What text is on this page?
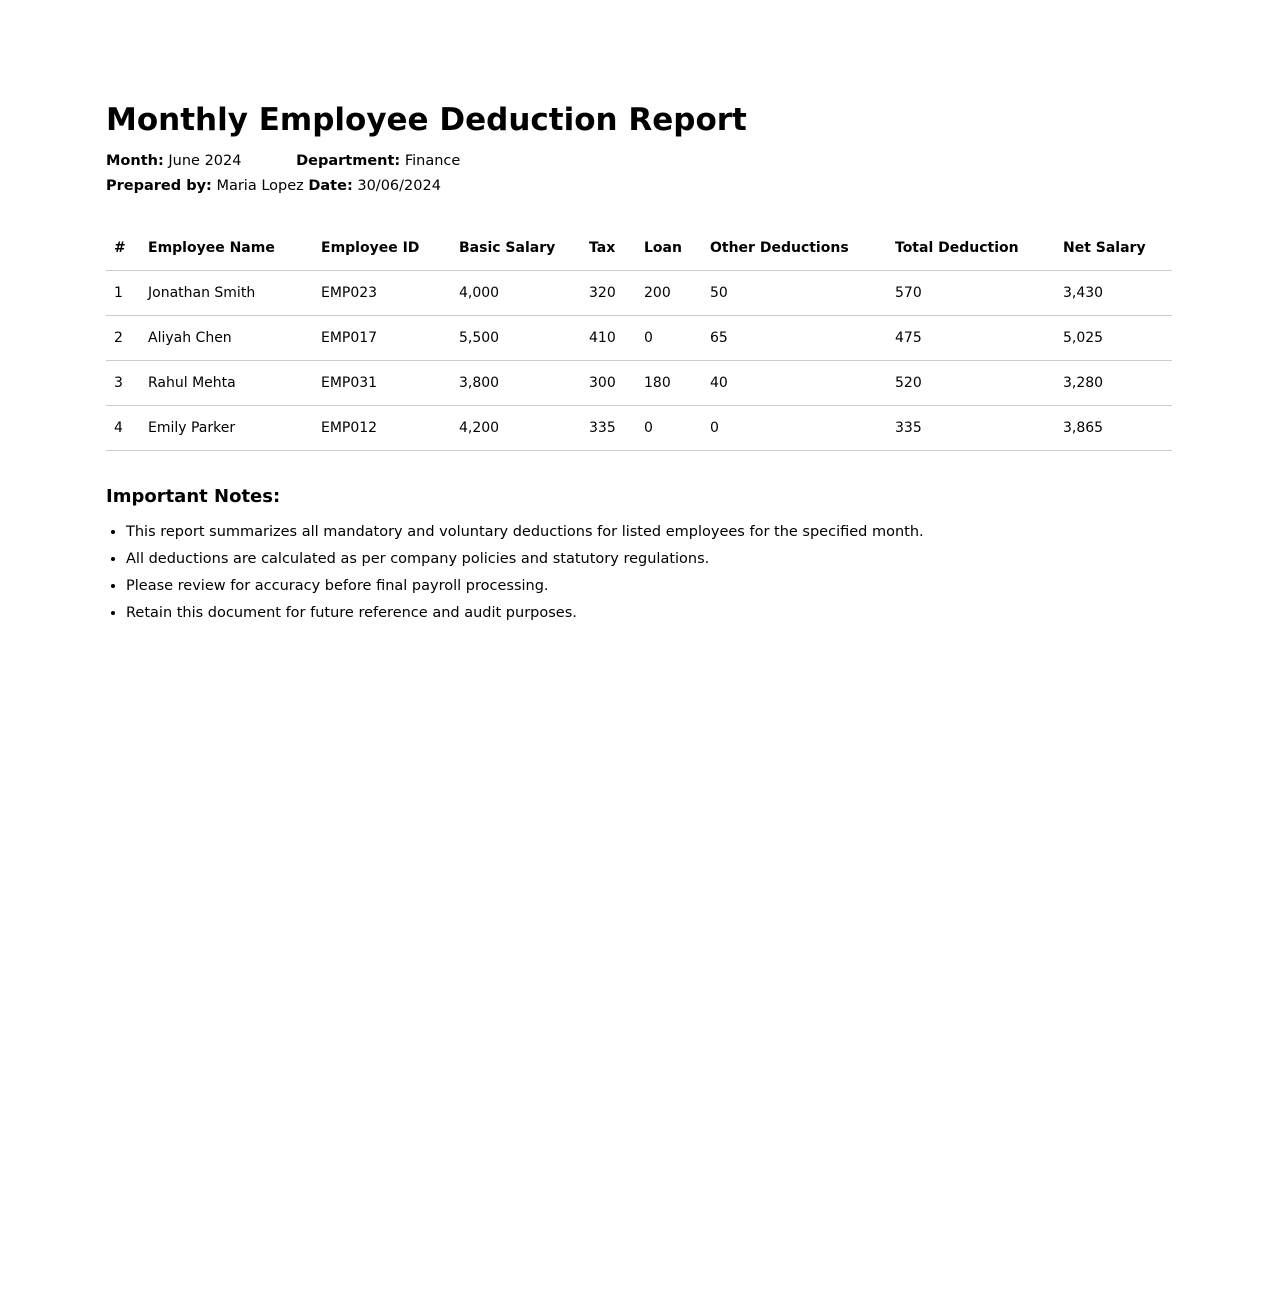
Monthly Employee Deduction Report
Month: June 2024	Department: Finance
Prepared by: Maria Lopez Date: 30/06/2024
#	Employee Name	Employee ID	Basic Salary	Tax	Loan	Other Deductions	Total Deduction	Net Salary
1	Jonathan Smith	EMP023	4,000	320	200	50	570	3,430
2	Aliyah Chen	EMP017	5,500	410	0	65	475	5,025
3	Rahul Mehta	EMP031	3,800	300	180	40	520	3,280
4	Emily Parker	EMP012	4,200	335	0	0	335	3,865
Important Notes:
• This report summarizes all mandatory and voluntary deductions for listed employees for the specified month.
• All deductions are calculated as per company policies and statutory regulations.
• Please review for accuracy before final payroll processing.
• Retain this document for future reference and audit purposes.
